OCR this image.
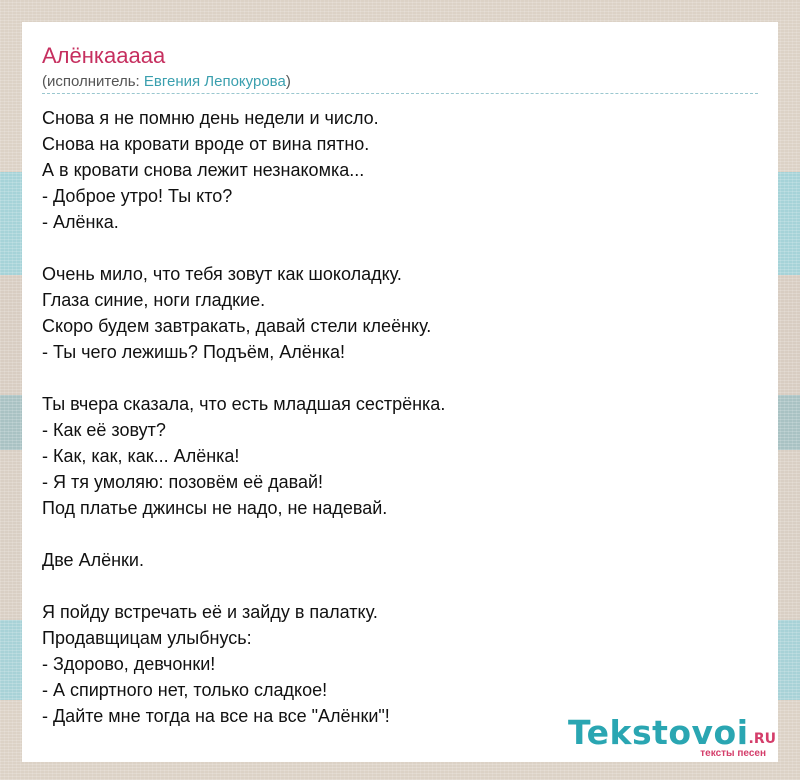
Алёнкаааaa
(исполнитель: Евгения Лепокурова)
Снова я не помню день недели и число.
Снова на кровати вроде от вина пятно.
А в кровати снова лежит незнакомка...
- Доброе утро! Ты кто?
- Алёнка.
Очень мило, что тебя зовут как шоколадку.
Глаза синие, ноги гладкие.
Скоро будем завтракать, давай стели клеёнку.
- Ты чего лежишь? Подъём, Алёнка!
Ты вчера сказала, что есть младшая сестрёнка.
- Как её зовут?
- Как, как, как... Алёнка!
- Я тя умоляю: позовём её давай!
Под платье джинсы не надо, не надевай.
Две Алёнки.
Я пойду встречать её и зайду в палатку.
Продавщицам улыбнусь:
- Здорово, девчонки!
- А спиртного нет, только сладкое!
- Дайте мне тогда на все на все "Алёнки"!	Tekstovoi.RU
тексты песен
